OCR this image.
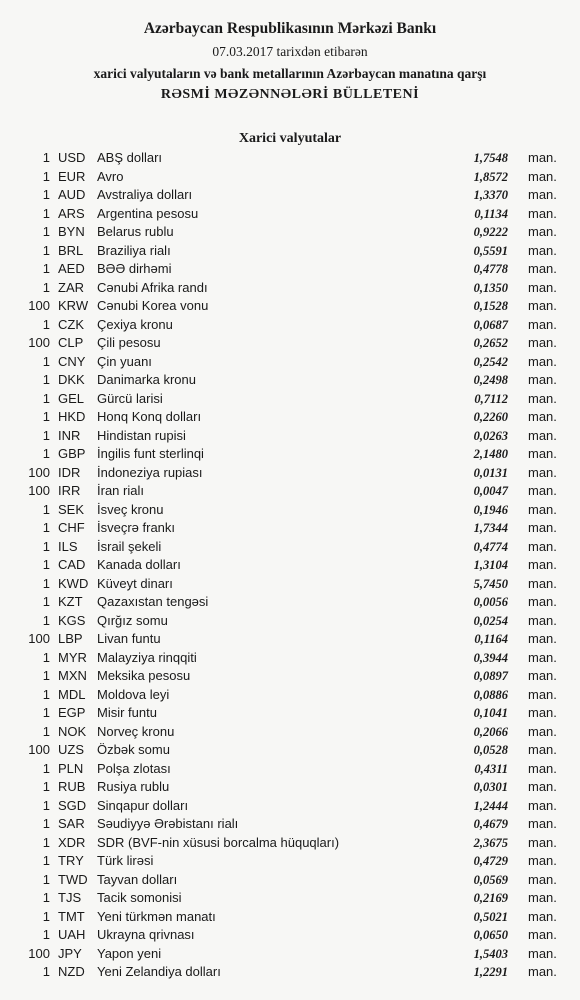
Azərbaycan Respublikasının Mərkəzi Bankı
07.03.2017 tarixdən etibarən
xarici valyutaların və bank metallarının Azərbaycan manatına qarşı
RƏSMİ MƏZƏNNƏLƏRİ BÜLLETENİ
Xarici valyutalar
1 USD ABŞ dolları	1,7548 man.
1 EUR Avro	1,8572 man.
1 AUD Avstraliya dolları	1,3370 man.
1 ARS Argentina pesosu	0,1134 man.
1 BYN Belarus rublu	0,9222 man.
1 BRL Braziliya rialı	0,5591 man.
1 AED BƏƏ dirhəmi	0,4778 man.
1 ZAR Cənubi Afrika randı	0,1350 man.
100 KRW Cənubi Korea vonu	0,1528 man.
1 CZK Çexiya kronu	0,0687 man.
100 CLP Çili pesosu	0,2652 man.
1 CNY Çin yuanı	0,2542 man.
1 DKK Danimarka kronu	0,2498 man.
1 GEL Gürcü larisi	0,7112 man.
1 HKD Honq Konq dolları	0,2260 man.
1 INR Hindistan rupisi	0,0263 man.
1 GBP İngilis funt sterlinqi	2,1480 man.
100 IDR İndoneziya rupiası	0,0131 man.
100 IRR İran rialı	0,0047 man.
1 SEK İsveç kronu	0,1946 man.
1 CHF İsveçrə frankı	1,7344 man.
1 ILS İsrail şekeli	0,4774 man.
1 CAD Kanada dolları	1,3104 man.
1 KWD Küveyt dinarı	5,7450 man.
1 KZT Qazaxıstan tengəsi	0,0056 man.
1 KGS Qırğız somu	0,0254 man.
100 LBP Livan funtu	0,1164 man.
1 MYR Malayziya rinqqiti	0,3944 man.
1 MXN Meksika pesosu	0,0897 man.
1 MDL Moldova leyi	0,0886 man.
1 EGP Misir funtu	0,1041 man.
1 NOK Norveç kronu	0,2066 man.
100 UZS Özbək somu	0,0528 man.
1 PLN Polşa zlotası	0,4311 man.
1 RUB Rusiya rublu	0,0301 man.
1 SGD Sinqapur dolları	1,2444 man.
1 SAR Səudiyyə Ərəbistanı rialı	0,4679 man.
1 XDR SDR (BVF-nin xüsusi borcalma hüquqları)	2,3675 man.
1 TRY Türk lirəsi	0,4729 man.
1 TWD Tayvan dolları	0,0569 man.
1 TJS Tacik somonisi	0,2169 man.
1 TMT Yeni türkmən manatı	0,5021 man.
1 UAH Ukrayna qrivnası	0,0650 man.
100 JPY Yapon yeni	1,5403 man.
1 NZD Yeni Zelandiya dolları	1,2291 man.
